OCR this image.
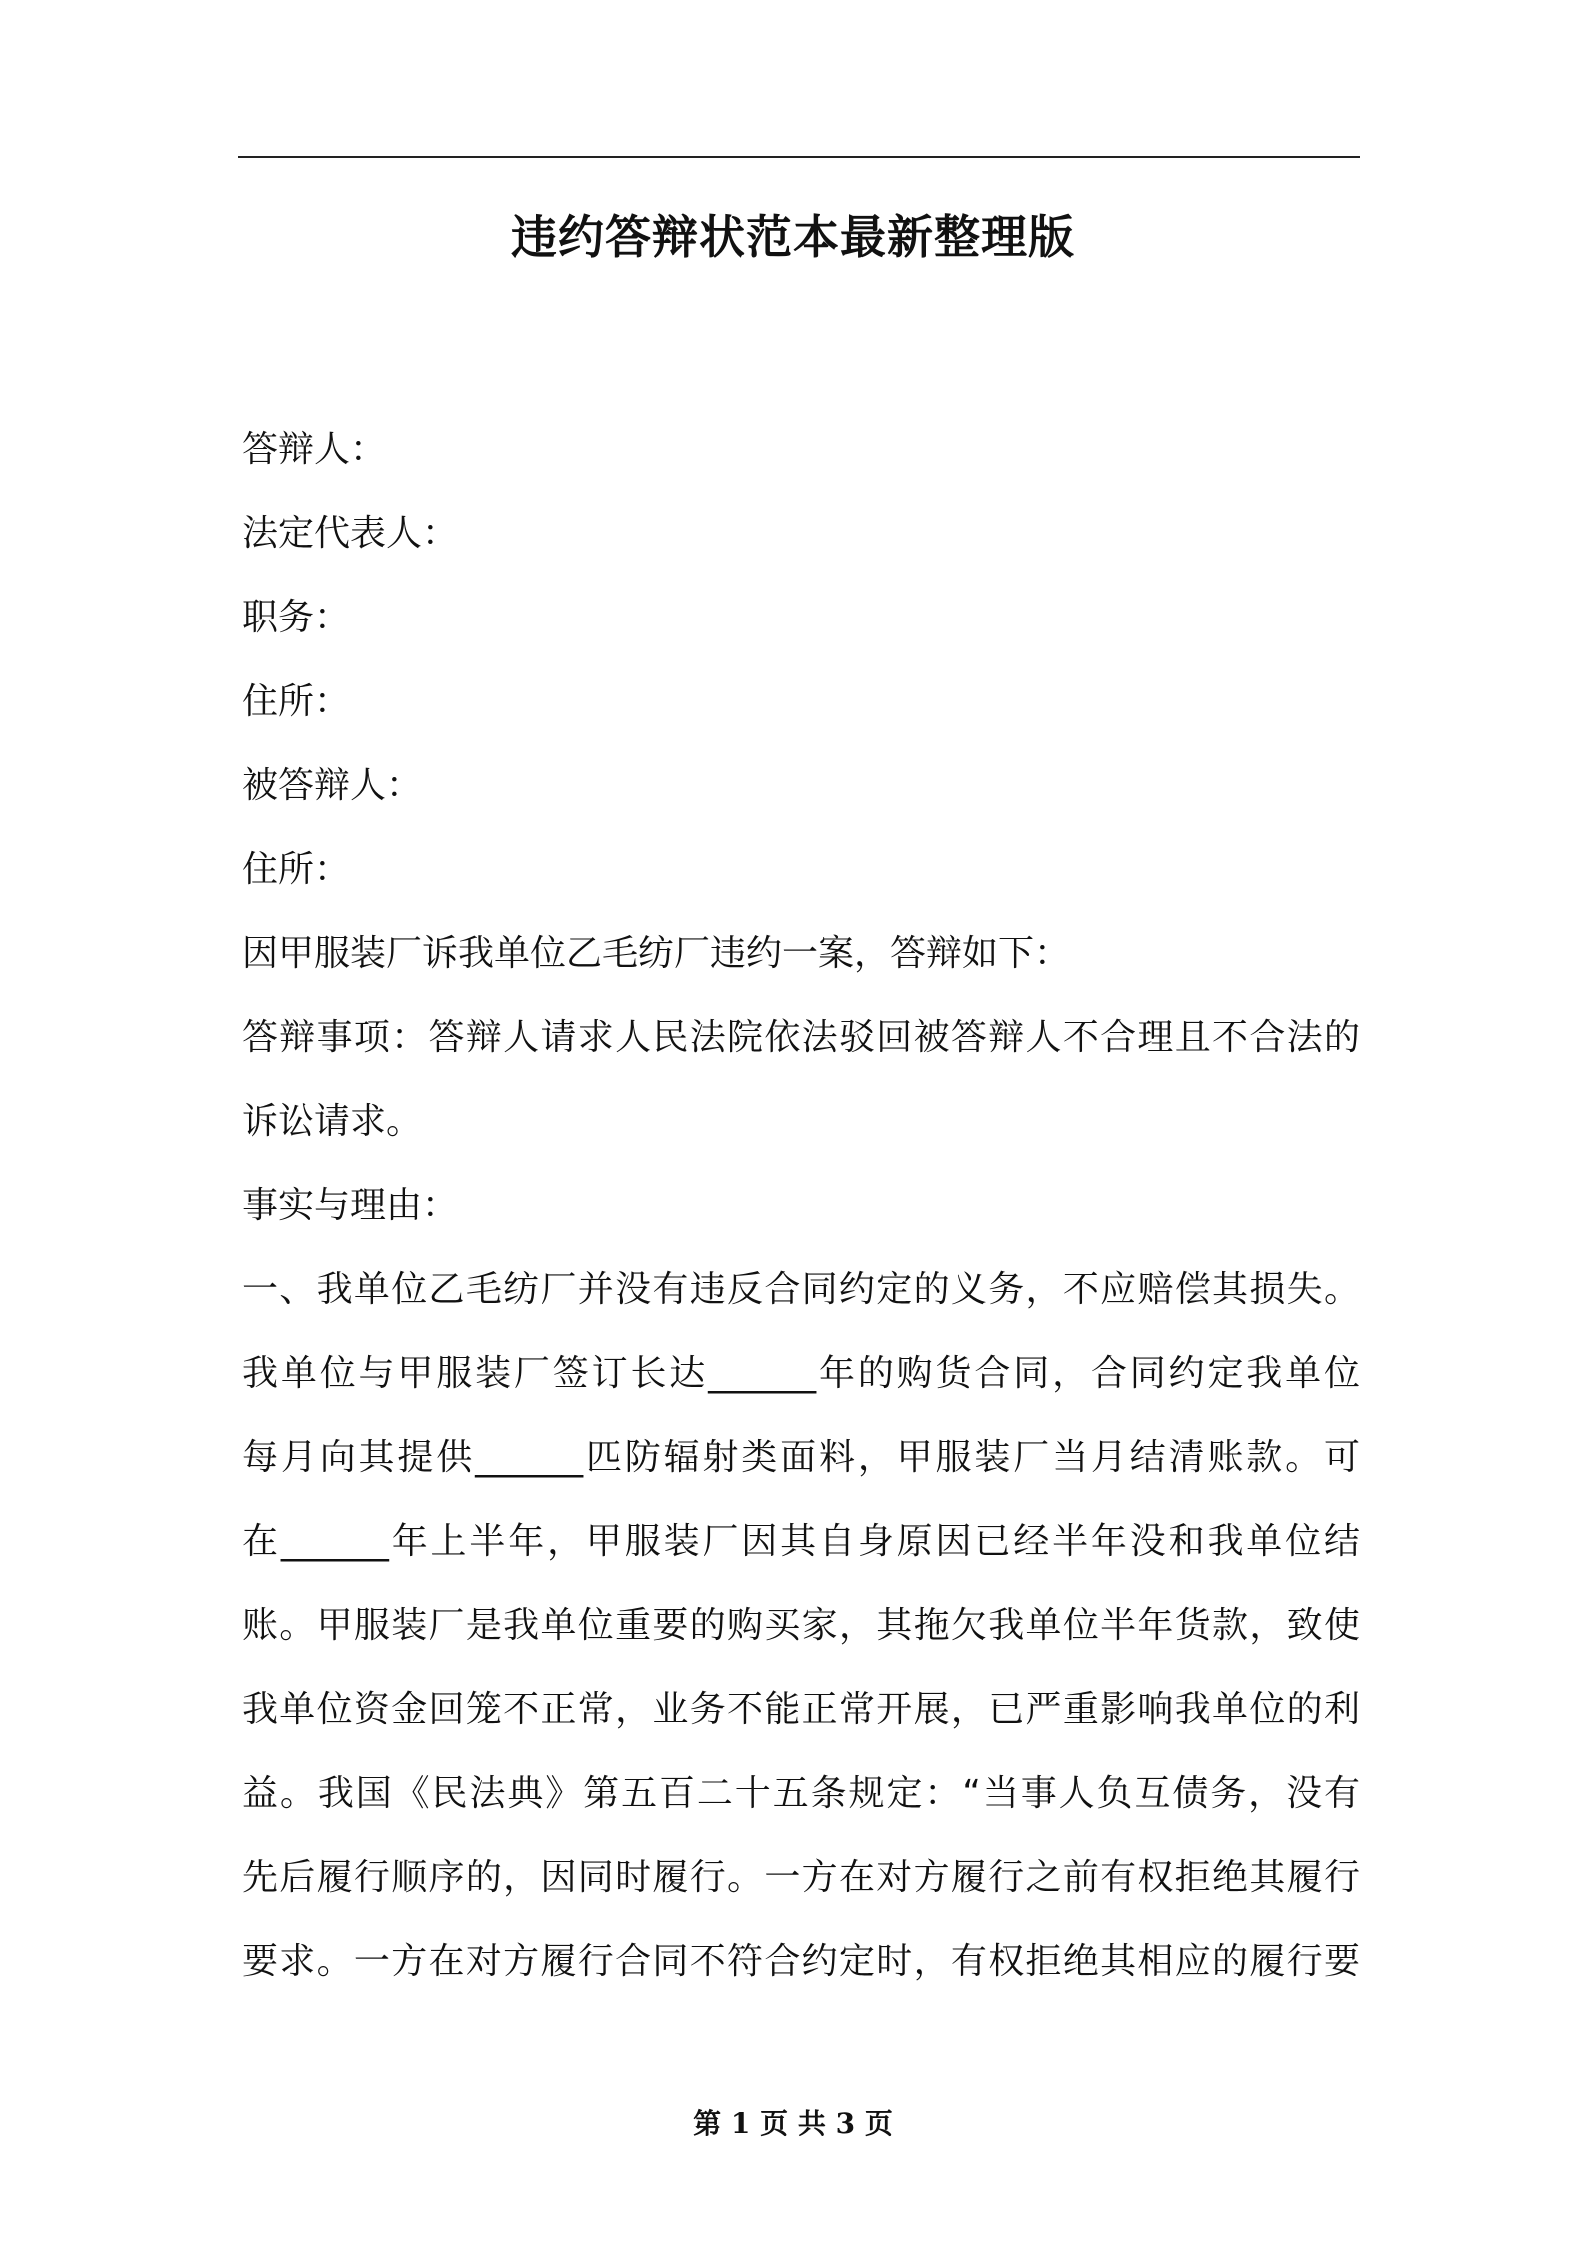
违约答辩状范本最新整理版
答辩人：
法定代表人：
职务：
住所：
被答辩人：
住所：
因甲服装厂诉我单位乙毛纺厂违约一案，答辩如下：
答辩事项：答辩人请求人民法院依法驳回被答辩人不合理且不合法的
诉讼请求。
事实与理由：
一、我单位乙毛纺厂并没有违反合同约定的义务，不应赔偿其损失。
我单位与甲服装厂签订长达______年的购货合同，合同约定我单位
每月向其提供______匹防辐射类面料，甲服装厂当月结清账款。可
在______年上半年，甲服装厂因其自身原因已经半年没和我单位结
账。甲服装厂是我单位重要的购买家，其拖欠我单位半年货款，致使
我单位资金回笼不正常，业务不能正常开展，已严重影响我单位的利
益。我国《民法典》第五百二十五条规定：“当事人负互债务，没有
先后履行顺序的，因同时履行。一方在对方履行之前有权拒绝其履行
要求。一方在对方履行合同不符合约定时，有权拒绝其相应的履行要
第 1 页 共 3 页
